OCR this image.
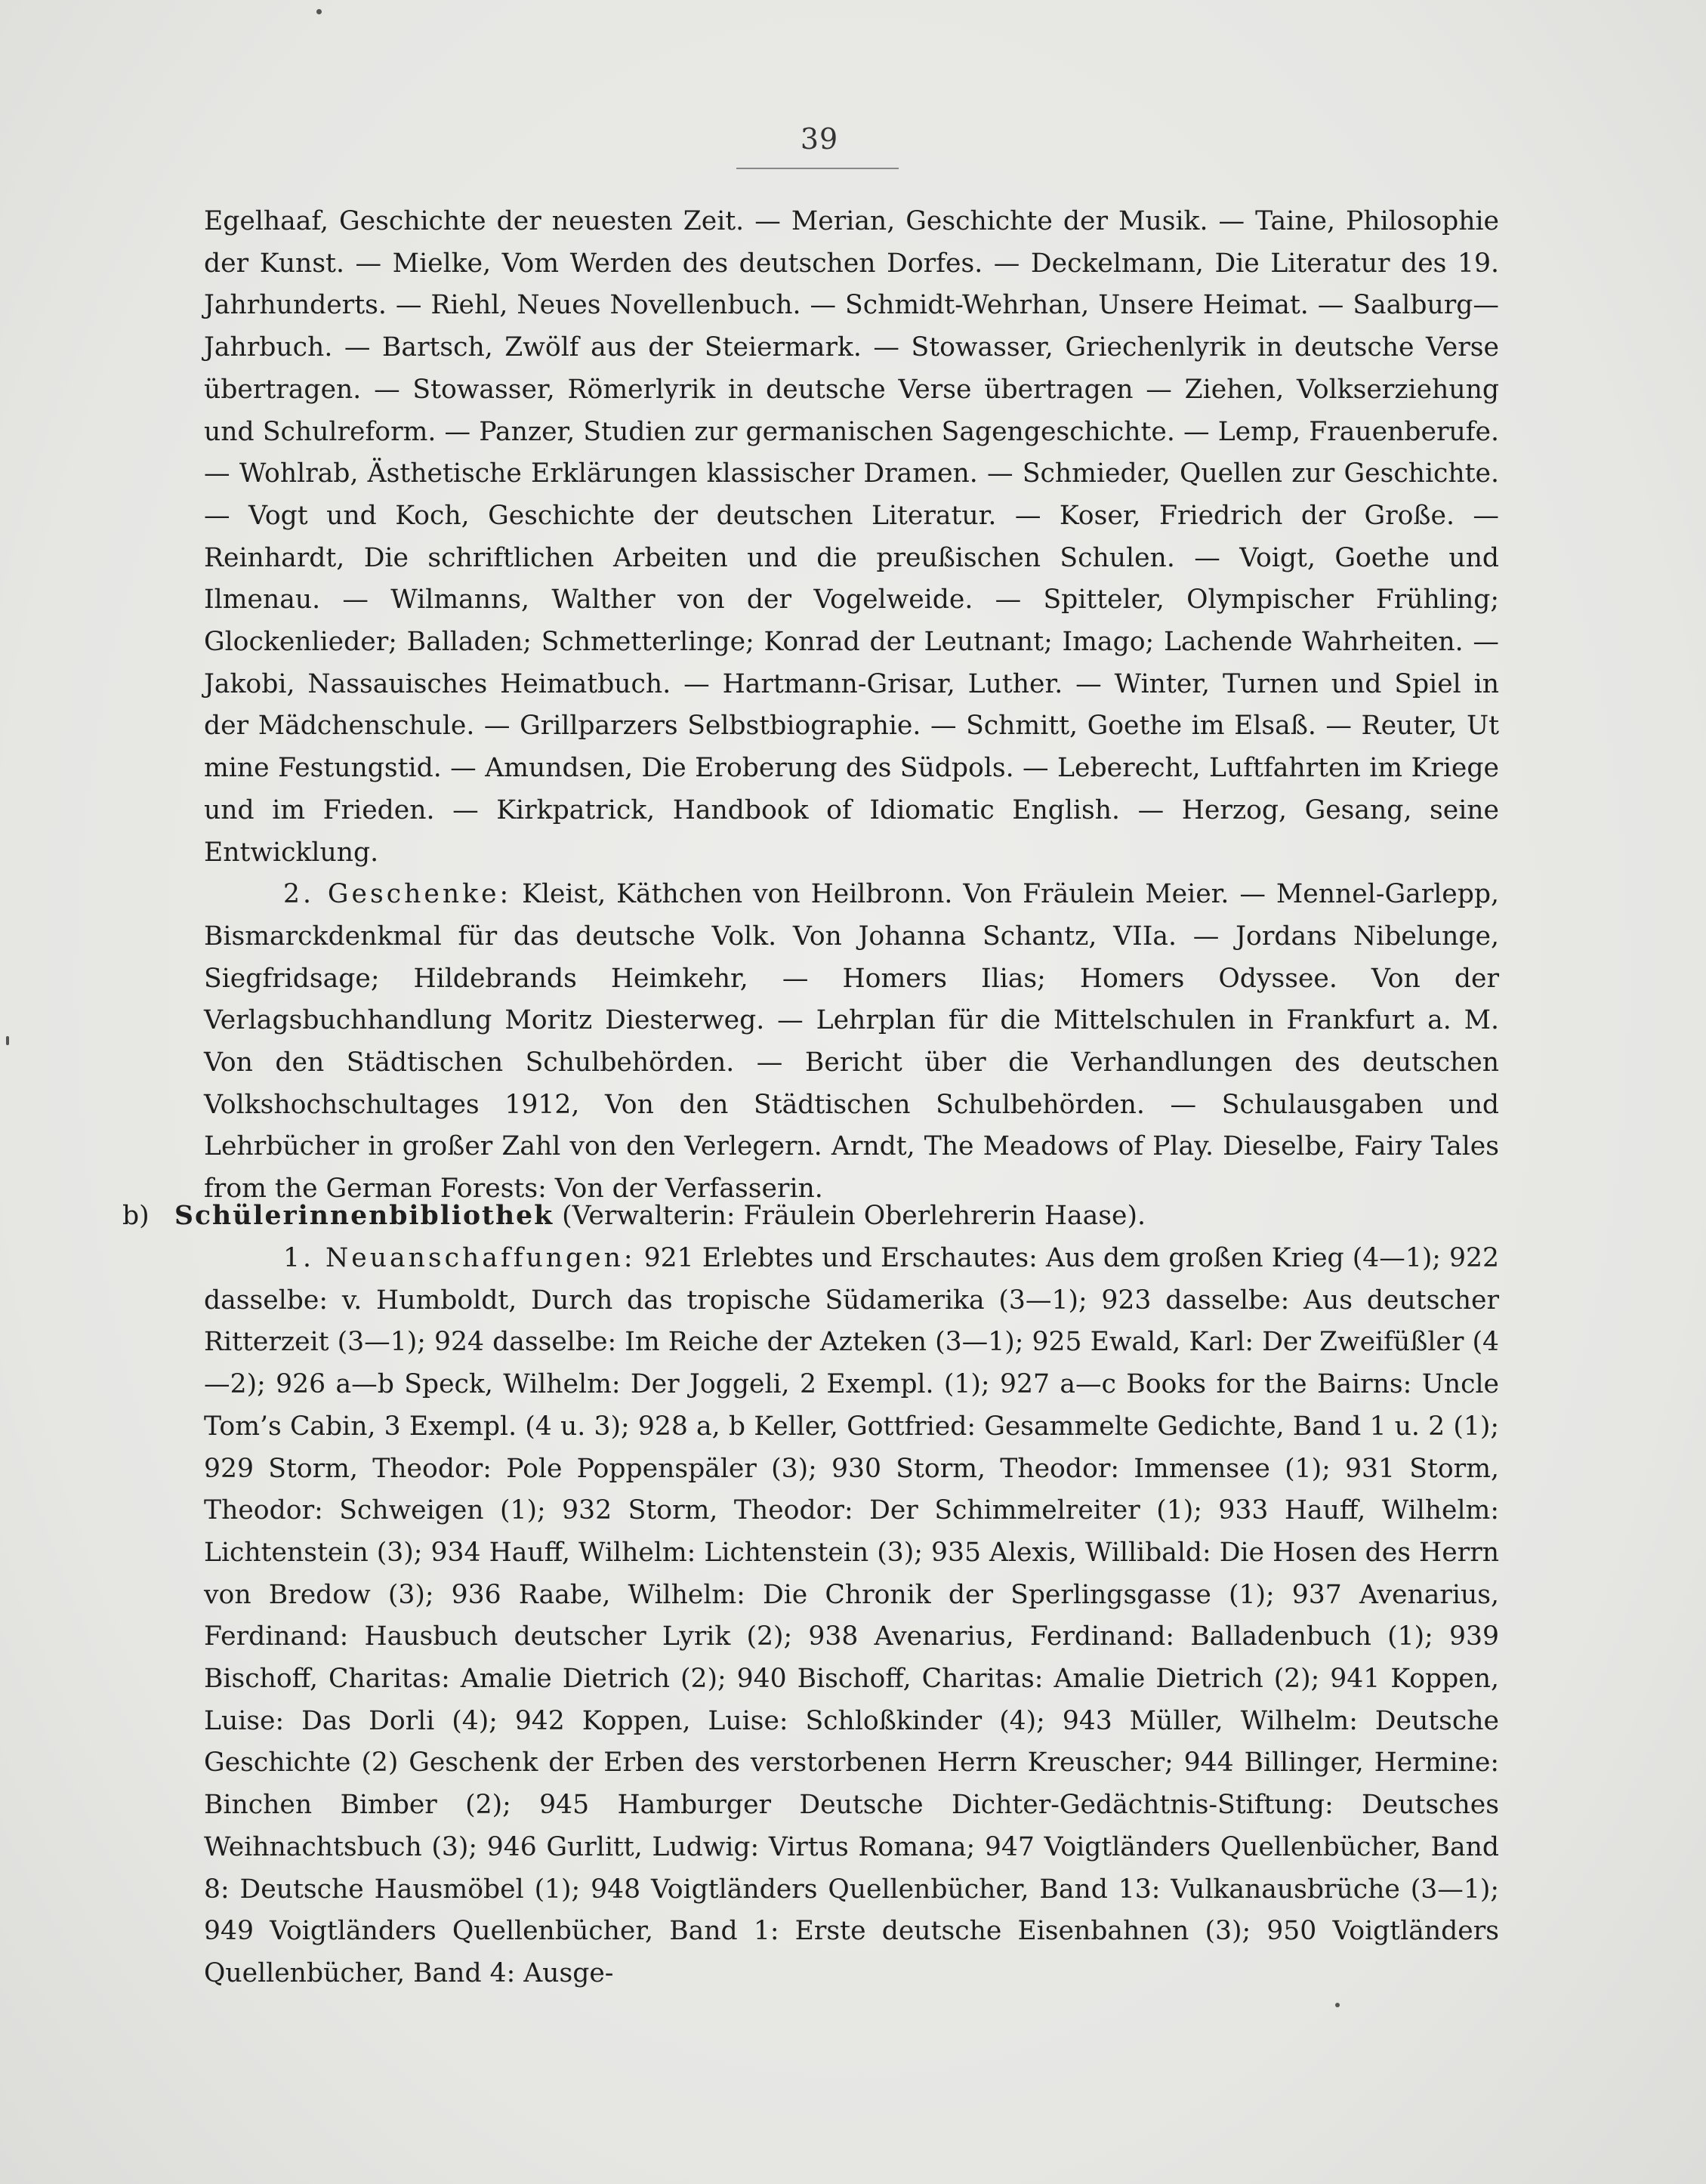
39

Egelhaaf, Geschichte der neuesten Zeit. — Merian, Geschichte der Musik. — Taine, Philosophie der Kunst. — Mielke, Vom Werden des deutschen Dorfes. — Deckelmann, Die Literatur des 19. Jahrhunderts. — Riehl, Neues Novellenbuch. — Schmidt-Wehrhan, Unsere Heimat. — Saalburg—Jahrbuch. — Bartsch, Zwölf aus der Steiermark. — Stowasser, Griechenlyrik in deutsche Verse übertragen. — Stowasser, Römerlyrik in deutsche Verse übertragen — Ziehen, Volkserziehung und Schulreform. — Panzer, Studien zur germanischen Sagengeschichte. — Lemp, Frauenberufe. — Wohlrab, Ästhetische Erklärungen klassischer Dramen. — Schmieder, Quellen zur Geschichte. — Vogt und Koch, Geschichte der deutschen Literatur. — Koser, Friedrich der Große. — Reinhardt, Die schriftlichen Arbeiten und die preußischen Schulen. — Voigt, Goethe und Ilmenau. — Wilmanns, Walther von der Vogelweide. — Spitteler, Olympischer Frühling; Glockenlieder; Balladen; Schmetterlinge; Konrad der Leutnant; Imago; Lachende Wahrheiten. — Jakobi, Nassauisches Heimatbuch. — Hartmann-Grisar, Luther. — Winter, Turnen und Spiel in der Mädchenschule. — Grillparzers Selbstbiographie. — Schmitt, Goethe im Elsaß. — Reuter, Ut mine Festungstid. — Amundsen, Die Eroberung des Südpols. — Leberecht, Luftfahrten im Kriege und im Frieden. — Kirkpatrick, Handbook of Idiomatic English. — Herzog, Gesang, seine Entwicklung.

2. Geschenke: Kleist, Käthchen von Heilbronn. Von Fräulein Meier. — Mennel-Garlepp, Bismarckdenkmal für das deutsche Volk. Von Johanna Schantz, VIIa. — Jordans Nibelunge, Siegfridsage; Hildebrands Heimkehr, — Homers Ilias; Homers Odyssee. Von der Verlagsbuchhandlung Moritz Diesterweg. — Lehrplan für die Mittelschulen in Frankfurt a. M. Von den Städtischen Schulbehörden. — Bericht über die Verhandlungen des deutschen Volkshochschultages 1912, Von den Städtischen Schulbehörden. — Schulausgaben und Lehrbücher in großer Zahl von den Verlegern. Arndt, The Meadows of Play. Dieselbe, Fairy Tales from the German Forests: Von der Verfasserin.

b) Schülerinnenbibliothek (Verwalterin: Fräulein Oberlehrerin Haase).

1. Neuanschaffungen: 921 Erlebtes und Erschautes: Aus dem großen Krieg (4—1); 922 dasselbe: v. Humboldt, Durch das tropische Südamerika (3—1); 923 dasselbe: Aus deutscher Ritterzeit (3—1); 924 dasselbe: Im Reiche der Azteken (3—1); 925 Ewald, Karl: Der Zweifüßler (4—2); 926 a—b Speck, Wilhelm: Der Joggeli, 2 Exempl. (1); 927 a—c Books for the Bairns: Uncle Tom’s Cabin, 3 Exempl. (4 u. 3); 928 a, b Keller, Gottfried: Gesammelte Gedichte, Band 1 u. 2 (1); 929 Storm, Theodor: Pole Poppenspäler (3); 930 Storm, Theodor: Immensee (1); 931 Storm, Theodor: Schweigen (1); 932 Storm, Theodor: Der Schimmelreiter (1); 933 Hauff, Wilhelm: Lichtenstein (3); 934 Hauff, Wilhelm: Lichtenstein (3); 935 Alexis, Willibald: Die Hosen des Herrn von Bredow (3); 936 Raabe, Wilhelm: Die Chronik der Sperlingsgasse (1); 937 Avenarius, Ferdinand: Hausbuch deutscher Lyrik (2); 938 Avenarius, Ferdinand: Balladenbuch (1); 939 Bischoff, Charitas: Amalie Dietrich (2); 940 Bischoff, Charitas: Amalie Dietrich (2); 941 Koppen, Luise: Das Dorli (4); 942 Koppen, Luise: Schloßkinder (4); 943 Müller, Wilhelm: Deutsche Geschichte (2) Geschenk der Erben des verstorbenen Herrn Kreuscher; 944 Billinger, Hermine: Binchen Bimber (2); 945 Hamburger Deutsche Dichter-Gedächtnis-Stiftung: Deutsches Weihnachtsbuch (3); 946 Gurlitt, Ludwig: Virtus Romana; 947 Voigtländers Quellenbücher, Band 8: Deutsche Hausmöbel (1); 948 Voigtländers Quellenbücher, Band 13: Vulkanausbrüche (3—1); 949 Voigtländers Quellenbücher, Band 1: Erste deutsche Eisenbahnen (3); 950 Voigtländers Quellenbücher, Band 4: Ausge-
